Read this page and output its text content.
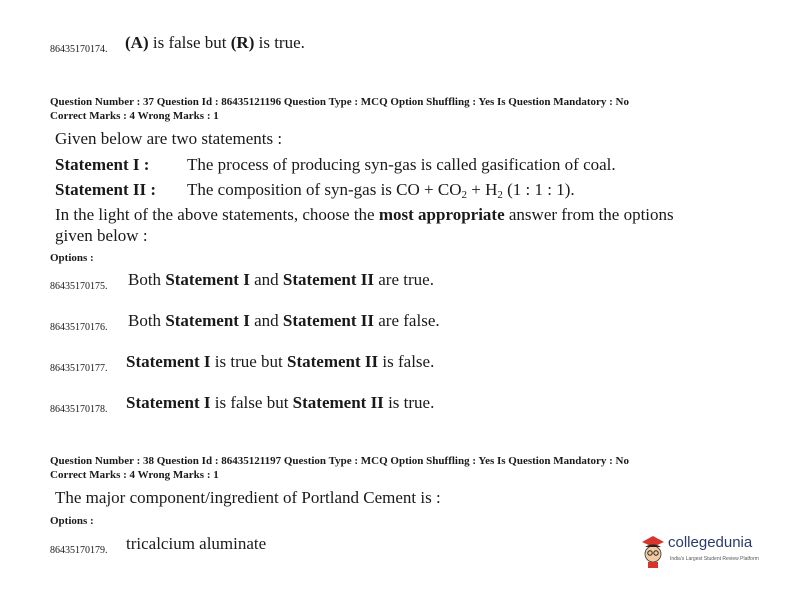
86435170174. (A) is false but (R) is true.
Question Number : 37 Question Id : 86435121196 Question Type : MCQ Option Shuffling : Yes Is Question Mandatory : No
Correct Marks : 4 Wrong Marks : 1
Given below are two statements :
Statement I : The process of producing syn-gas is called gasification of coal.
Statement II : The composition of syn-gas is CO + $CO_2 + H_2$ (1 : 1 : 1).
In the light of the above statements, choose the most appropriate answer from the options
given below :
Options :
86435170175. Both Statement I and Statement II are true.
86435170176. Both Statement I and Statement II are false.
86435170177. Statement I is true but Statement II is false.
86435170178. Statement I is false but Statement II is true.
Question Number : 38 Question Id : 86435121197 Question Type : MCQ Option Shuffling : Yes Is Question Mandatory : No
Correct Marks : 4 Wrong Marks : 1
The major component/ingredient of Portland Cement is :
Options :
86435170179. tricalcium aluminate	collegedunia
India's Largest Student Review Platform
